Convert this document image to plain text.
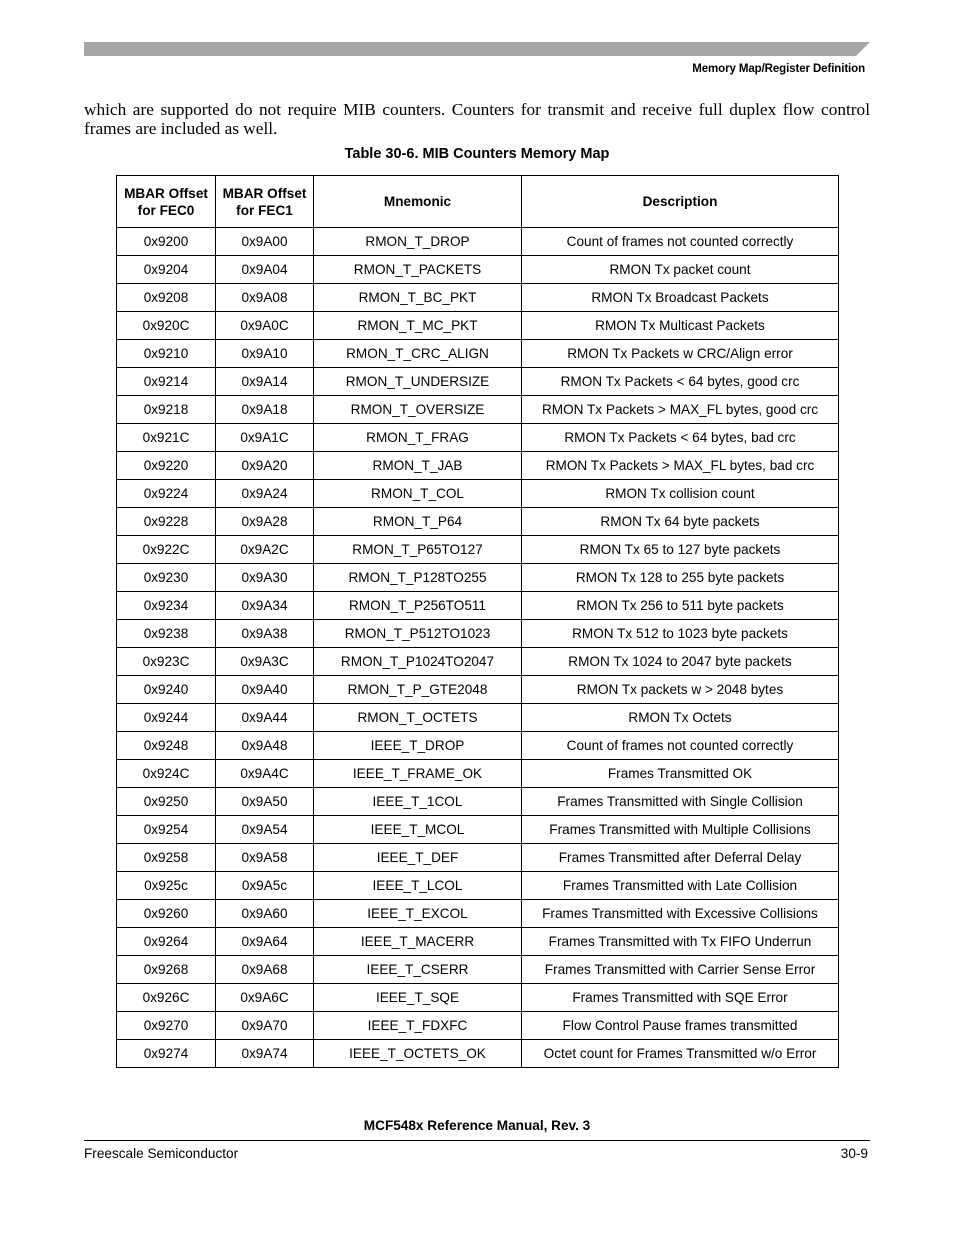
Memory Map/Register Definition

which are supported do not require MIB counters. Counters for transmit and receive full duplex flow control frames are included as well.

Table 30-6. MIB Counters Memory Map
MBAR Offset for FEC0	MBAR Offset for FEC1	Mnemonic	Description
0x9200	0x9A00	RMON_T_DROP	Count of frames not counted correctly
0x9204	0x9A04	RMON_T_PACKETS	RMON Tx packet count
0x9208	0x9A08	RMON_T_BC_PKT	RMON Tx Broadcast Packets
0x920C	0x9A0C	RMON_T_MC_PKT	RMON Tx Multicast Packets
0x9210	0x9A10	RMON_T_CRC_ALIGN	RMON Tx Packets w CRC/Align error
0x9214	0x9A14	RMON_T_UNDERSIZE	RMON Tx Packets < 64 bytes, good crc
0x9218	0x9A18	RMON_T_OVERSIZE	RMON Tx Packets > MAX_FL bytes, good crc
0x921C	0x9A1C	RMON_T_FRAG	RMON Tx Packets < 64 bytes, bad crc
0x9220	0x9A20	RMON_T_JAB	RMON Tx Packets > MAX_FL bytes, bad crc
0x9224	0x9A24	RMON_T_COL	RMON Tx collision count
0x9228	0x9A28	RMON_T_P64	RMON Tx 64 byte packets
0x922C	0x9A2C	RMON_T_P65TO127	RMON Tx 65 to 127 byte packets
0x9230	0x9A30	RMON_T_P128TO255	RMON Tx 128 to 255 byte packets
0x9234	0x9A34	RMON_T_P256TO511	RMON Tx 256 to 511 byte packets
0x9238	0x9A38	RMON_T_P512TO1023	RMON Tx 512 to 1023 byte packets
0x923C	0x9A3C	RMON_T_P1024TO2047	RMON Tx 1024 to 2047 byte packets
0x9240	0x9A40	RMON_T_P_GTE2048	RMON Tx packets w > 2048 bytes
0x9244	0x9A44	RMON_T_OCTETS	RMON Tx Octets
0x9248	0x9A48	IEEE_T_DROP	Count of frames not counted correctly
0x924C	0x9A4C	IEEE_T_FRAME_OK	Frames Transmitted OK
0x9250	0x9A50	IEEE_T_1COL	Frames Transmitted with Single Collision
0x9254	0x9A54	IEEE_T_MCOL	Frames Transmitted with Multiple Collisions
0x9258	0x9A58	IEEE_T_DEF	Frames Transmitted after Deferral Delay
0x925c	0x9A5c	IEEE_T_LCOL	Frames Transmitted with Late Collision
0x9260	0x9A60	IEEE_T_EXCOL	Frames Transmitted with Excessive Collisions
0x9264	0x9A64	IEEE_T_MACERR	Frames Transmitted with Tx FIFO Underrun
0x9268	0x9A68	IEEE_T_CSERR	Frames Transmitted with Carrier Sense Error
0x926C	0x9A6C	IEEE_T_SQE	Frames Transmitted with SQE Error
0x9270	0x9A70	IEEE_T_FDXFC	Flow Control Pause frames transmitted
0x9274	0x9A74	IEEE_T_OCTETS_OK	Octet count for Frames Transmitted w/o Error
MCF548x Reference Manual, Rev. 3
Freescale Semiconductor	30-9
